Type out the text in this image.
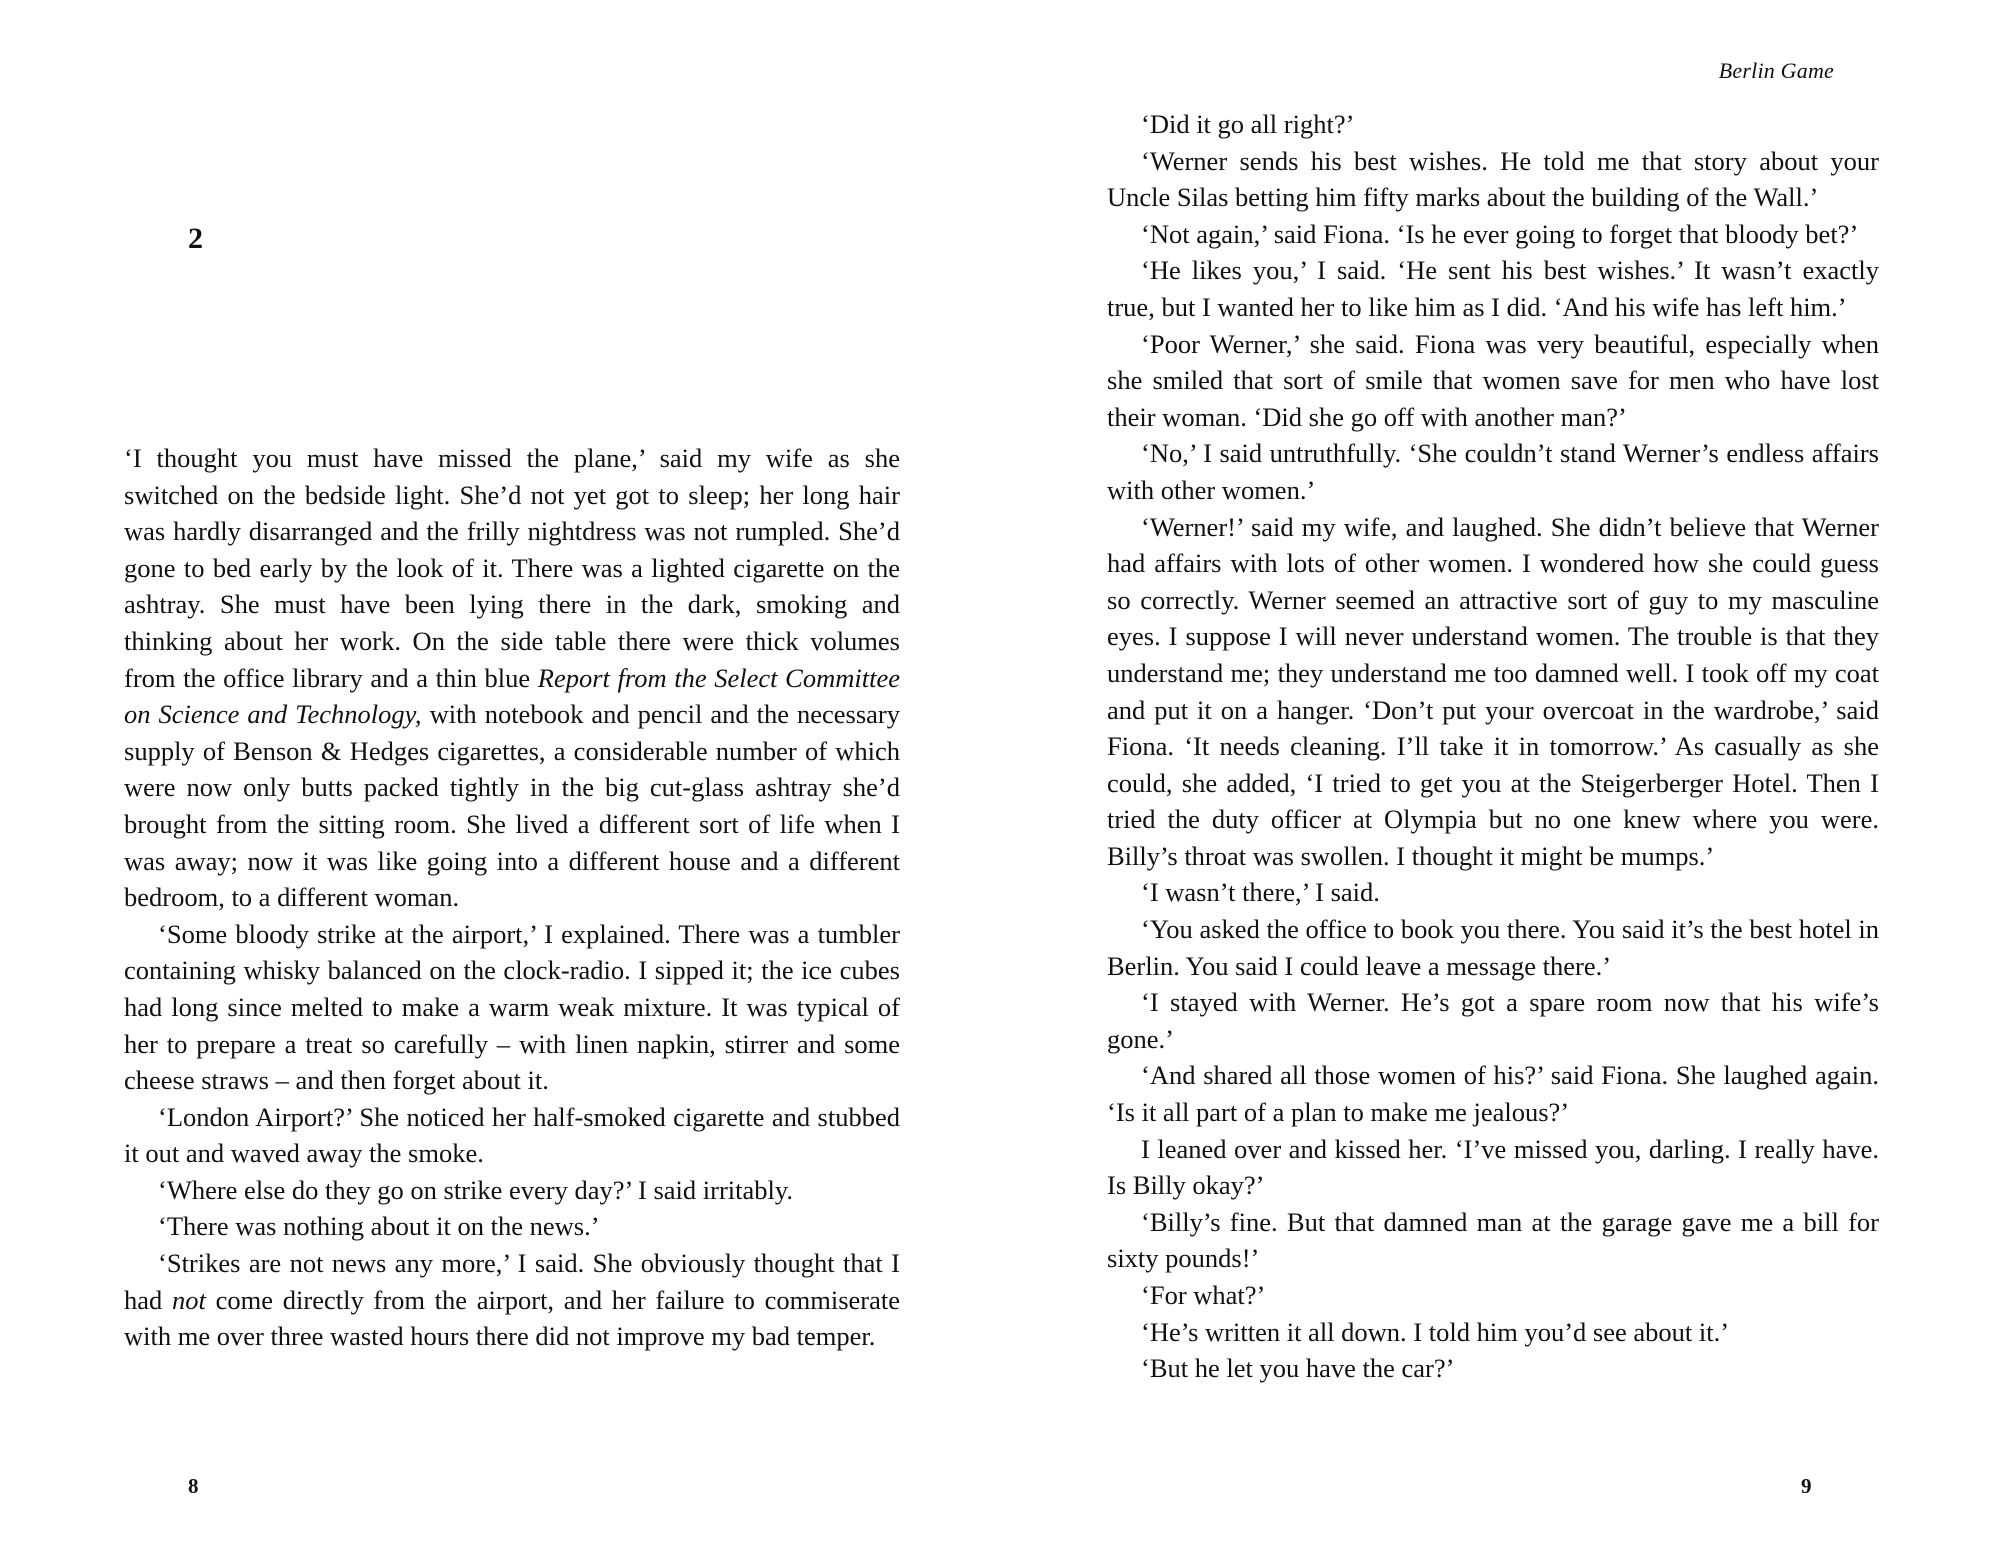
2

‘I thought you must have missed the plane,’ said my wife as she switched on the bedside light. She’d not yet got to sleep; her long hair was hardly disarranged and the frilly nightdress was not rumpled. She’d gone to bed early by the look of it. There was a lighted cigarette on the ashtray. She must have been lying there in the dark, smoking and thinking about her work. On the side table there were thick volumes from the office library and a thin blue Report from the Select Committee on Science and Technology, with notebook and pencil and the necessary supply of Benson & Hedges cigarettes, a considerable number of which were now only butts packed tightly in the big cut-glass ashtray she’d brought from the sitting room. She lived a different sort of life when I was away; now it was like going into a different house and a different bedroom, to a different woman.

‘Some bloody strike at the airport,’ I explained. There was a tumbler containing whisky balanced on the clock-radio. I sipped it; the ice cubes had long since melted to make a warm weak mixture. It was typical of her to prepare a treat so carefully – with linen napkin, stirrer and some cheese straws – and then forget about it.

‘London Airport?’ She noticed her half-smoked cigarette and stubbed it out and waved away the smoke.

‘Where else do they go on strike every day?’ I said irritably.

‘There was nothing about it on the news.’

‘Strikes are not news any more,’ I said. She obviously thought that I had not come directly from the airport, and her failure to commiserate with me over three wasted hours there did not improve my bad temper.

8
Berlin Game

‘Did it go all right?’

‘Werner sends his best wishes. He told me that story about your Uncle Silas betting him fifty marks about the building of the Wall.’

‘Not again,’ said Fiona. ‘Is he ever going to forget that bloody bet?’

‘He likes you,’ I said. ‘He sent his best wishes.’ It wasn’t exactly true, but I wanted her to like him as I did. ‘And his wife has left him.’

‘Poor Werner,’ she said. Fiona was very beautiful, especially when she smiled that sort of smile that women save for men who have lost their woman. ‘Did she go off with another man?’

‘No,’ I said untruthfully. ‘She couldn’t stand Werner’s endless affairs with other women.’

‘Werner!’ said my wife, and laughed. She didn’t believe that Werner had affairs with lots of other women. I wondered how she could guess so correctly. Werner seemed an attractive sort of guy to my masculine eyes. I suppose I will never understand women. The trouble is that they understand me; they understand me too damned well. I took off my coat and put it on a hanger. ‘Don’t put your overcoat in the wardrobe,’ said Fiona. ‘It needs cleaning. I’ll take it in tomorrow.’ As casually as she could, she added, ‘I tried to get you at the Steigerberger Hotel. Then I tried the duty officer at Olympia but no one knew where you were. Billy’s throat was swollen. I thought it might be mumps.’

‘I wasn’t there,’ I said.

‘You asked the office to book you there. You said it’s the best hotel in Berlin. You said I could leave a message there.’

‘I stayed with Werner. He’s got a spare room now that his wife’s gone.’

‘And shared all those women of his?’ said Fiona. She laughed again. ‘Is it all part of a plan to make me jealous?’

I leaned over and kissed her. ‘I’ve missed you, darling. I really have. Is Billy okay?’

‘Billy’s fine. But that damned man at the garage gave me a bill for sixty pounds!’

‘For what?’

‘He’s written it all down. I told him you’d see about it.’

‘But he let you have the car?’

9
